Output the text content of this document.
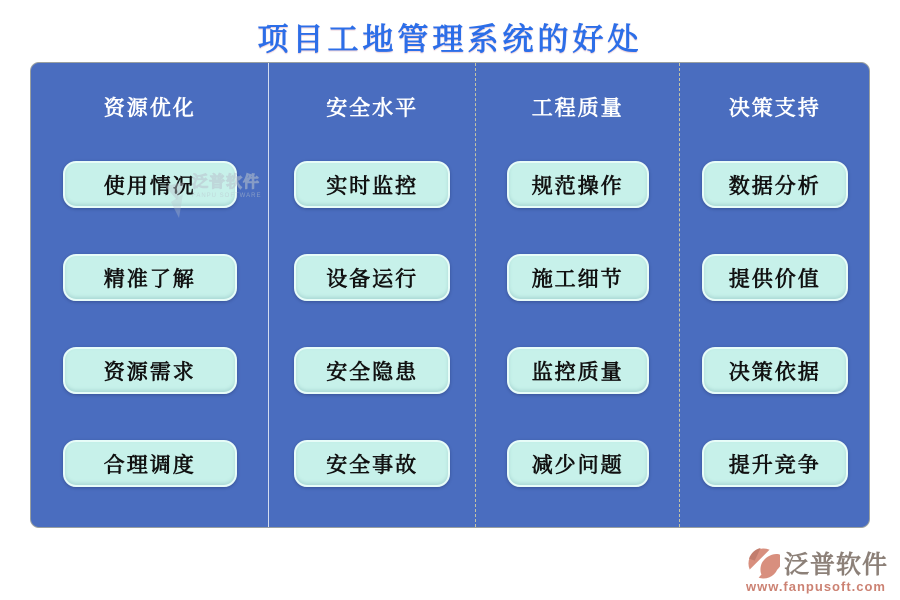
项目工地管理系统的好处
资源优化
使用情况
精准了解
资源需求
合理调度
安全水平
实时监控
设备运行
安全隐患
安全事故
工程质量
规范操作
施工细节
监控质量
减少问题
决策支持
数据分析
提供价值
决策依据
提升竞争
FANPU SOFTWARE
泛普软件
www.fanpusoft.com
